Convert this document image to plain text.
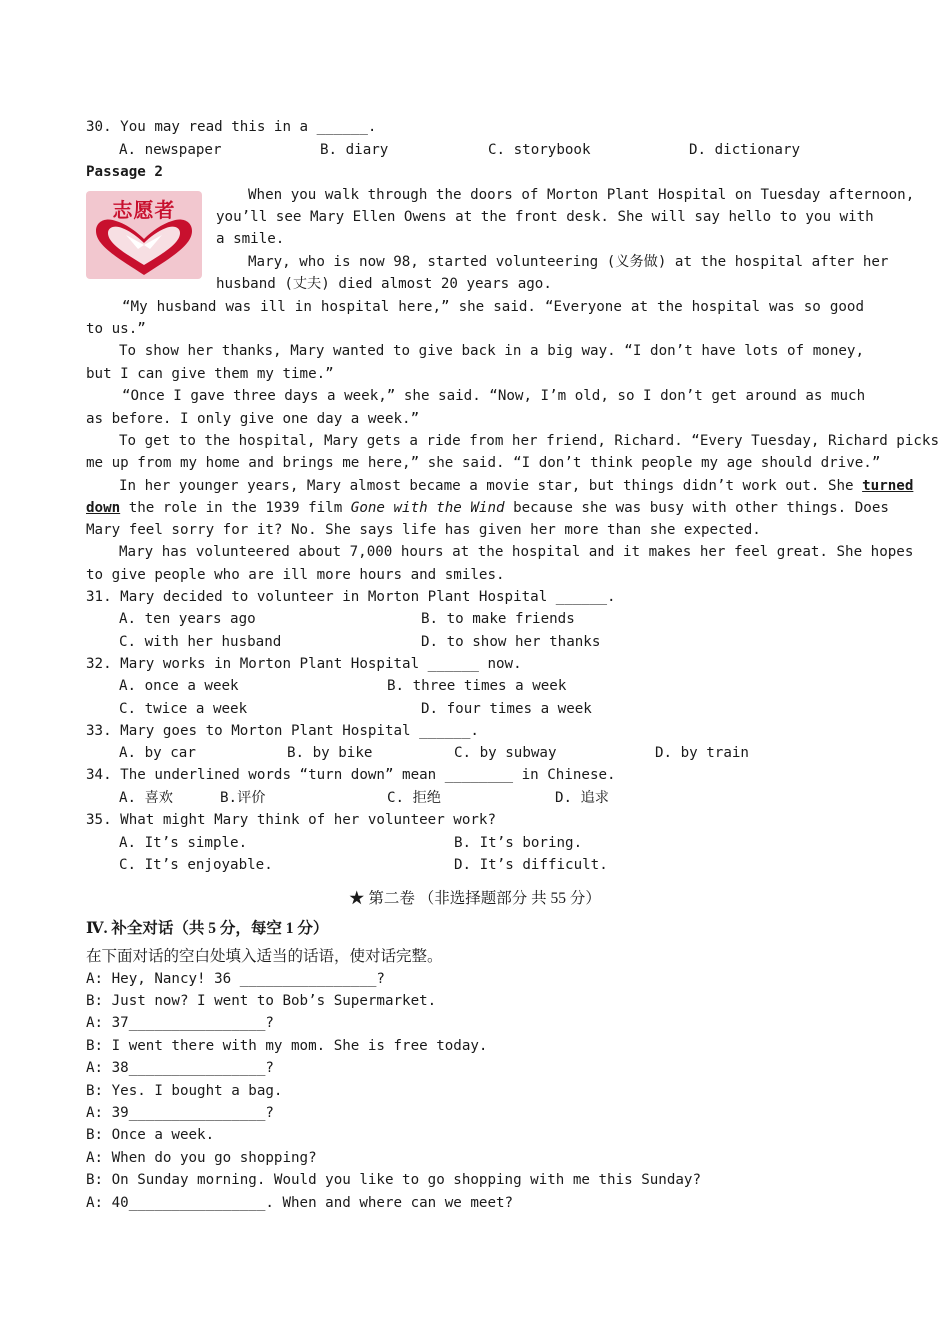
30. You may read this in a ______.
A. newspaper	B. diary	C. storybook	D. dictionary
Passage 2
志愿者
When you walk through the doors of Morton Plant Hospital on Tuesday afternoon,
you’ll see Mary Ellen Owens at the front desk. She will say hello to you with
a smile.
Mary, who is now 98, started volunteering (义务做) at the hospital after her
husband (丈夫) died almost 20 years ago.
“My husband was ill in hospital here,” she said. “Everyone at the hospital was so good
to us.”
To show her thanks, Mary wanted to give back in a big way. “I don’t have lots of money,
but I can give them my time.”
“Once I gave three days a week,” she said. “Now, I’m old, so I don’t get around as much
as before. I only give one day a week.”
To get to the hospital, Mary gets a ride from her friend, Richard. “Every Tuesday, Richard picks
me up from my home and brings me here,” she said. “I don’t think people my age should drive.”
In her younger years, Mary almost became a movie star, but things didn’t work out. She turned
down the role in the 1939 film Gone with the Wind because she was busy with other things. Does
Mary feel sorry for it? No. She says life has given her more than she expected.
Mary has volunteered about 7,000 hours at the hospital and it makes her feel great. She hopes
to give people who are ill more hours and smiles.
31. Mary decided to volunteer in Morton Plant Hospital ______.
A. ten years ago	B. to make friends
C. with her husband	D. to show her thanks
32. Mary works in Morton Plant Hospital ______ now.
A. once a week	B. three times a week
C. twice a week	D. four times a week
33. Mary goes to Morton Plant Hospital ______.
A. by car	B. by bike	C. by subway	D. by train
34. The underlined words “turn down” mean ________ in Chinese.
A. 喜欢	B.评价	C. 拒绝	D. 追求
35. What might Mary think of her volunteer work?
A. It’s simple.	B. It’s boring.
C. It’s enjoyable.	D. It’s difficult.
★ 第二卷 （非选择题部分 共 55 分）
Ⅳ. 补全对话（共 5 分，每空 1 分）
在下面对话的空白处填入适当的话语，使对话完整。
A: Hey, Nancy! 36 ________________?
B: Just now? I went to Bob’s Supermarket.
A: 37________________?
B: I went there with my mom. She is free today.
A: 38________________?
B: Yes. I bought a bag.
A: 39________________?
B: Once a week.
A: When do you go shopping?
B: On Sunday morning. Would you like to go shopping with me this Sunday?
A: 40________________. When and where can we meet?
